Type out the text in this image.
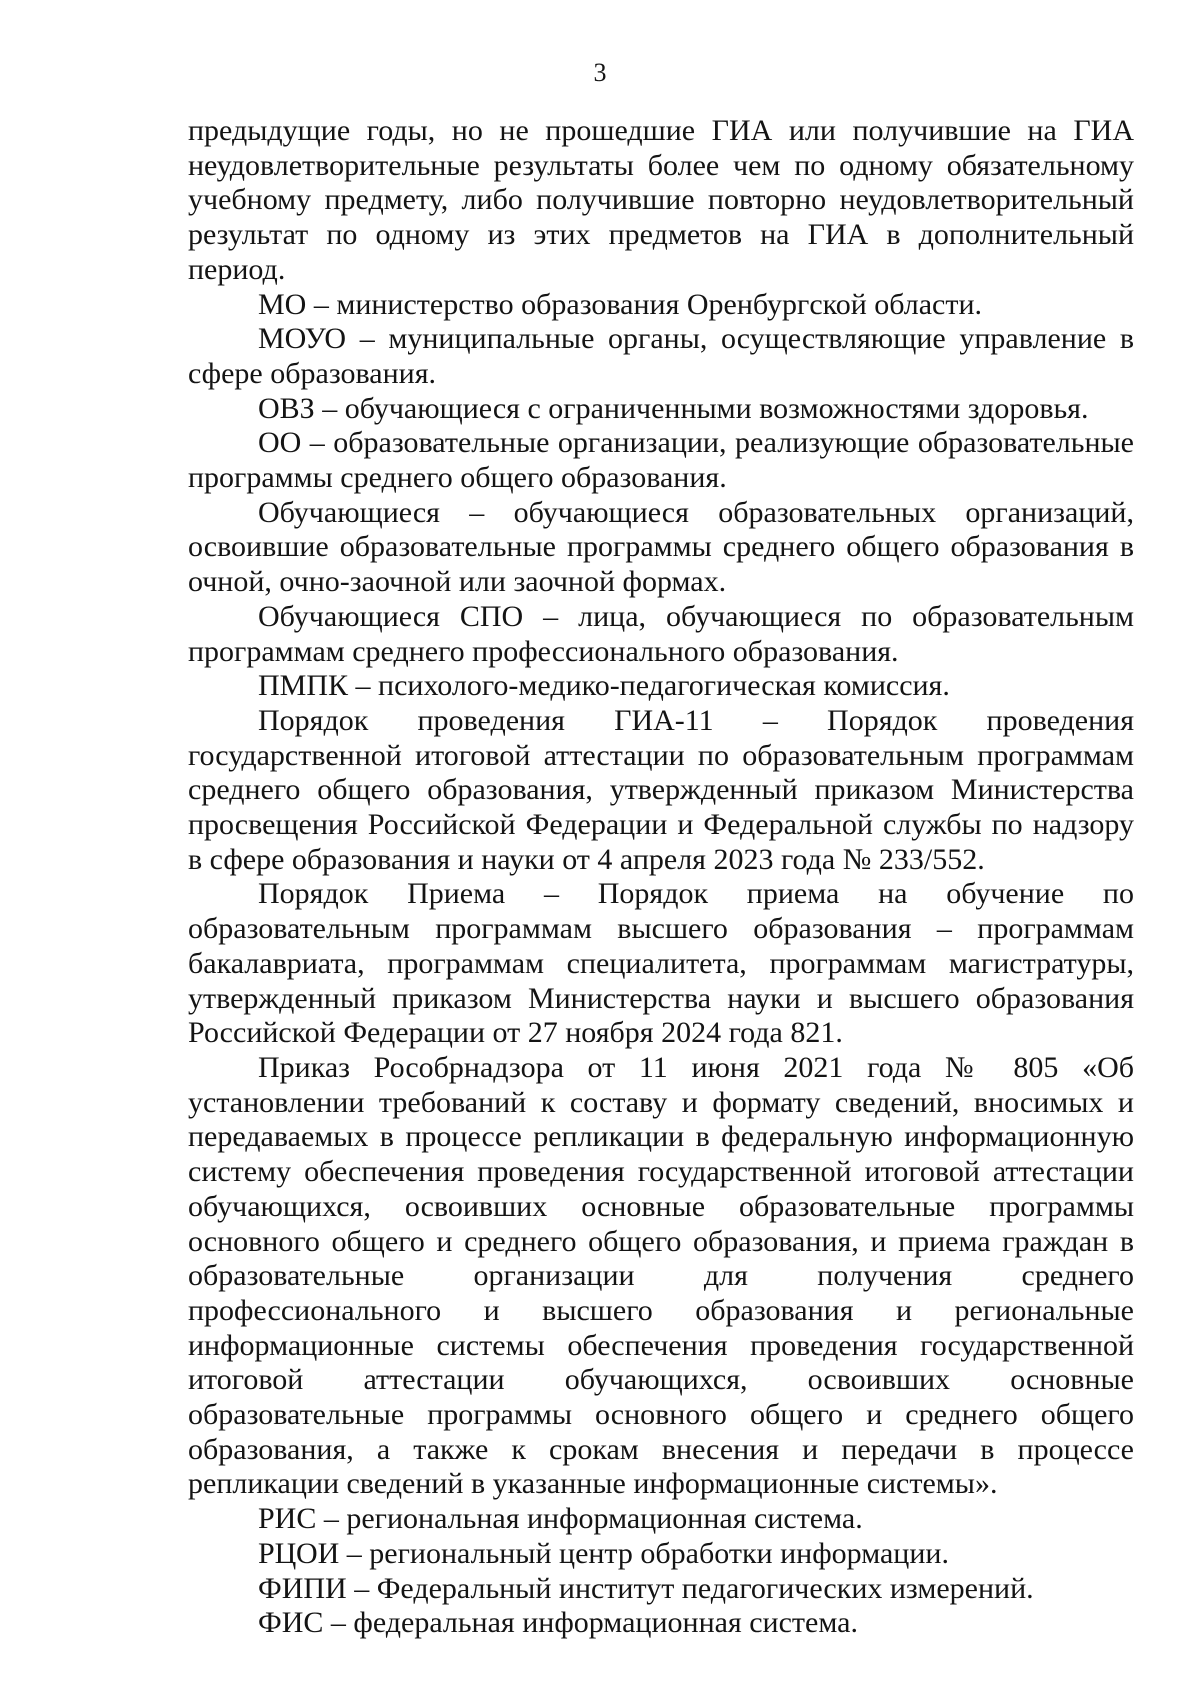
3

предыдущие годы, но не прошедшие ГИА или получившие на ГИА неудовлетворительные результаты более чем по одному обязательному учебному предмету, либо получившие повторно неудовлетворительный результат по одному из этих предметов на ГИА в дополнительный период.

МО – министерство образования Оренбургской области.

МОУО – муниципальные органы, осуществляющие управление в сфере образования.

ОВЗ – обучающиеся с ограниченными возможностями здоровья.

ОО – образовательные организации, реализующие образовательные программы среднего общего образования.

Обучающиеся – обучающиеся образовательных организаций, освоившие образовательные программы среднего общего образования в очной, очно-заочной или заочной формах.

Обучающиеся СПО – лица, обучающиеся по образовательным программам среднего профессионального образования.

ПМПК – психолого-медико-педагогическая комиссия.

Порядок проведения ГИА-11 – Порядок проведения государственной итоговой аттестации по образовательным программам среднего общего образования, утвержденный приказом Министерства просвещения Российской Федерации и Федеральной службы по надзору в сфере образования и науки от 4 апреля 2023 года № 233/552.

Порядок Приема – Порядок приема на обучение по образовательным программам высшего образования – программам бакалавриата, программам специалитета, программам магистратуры, утвержденный приказом Министерства науки и высшего образования Российской Федерации от 27 ноября 2024 года 821.

Приказ Рособрнадзора от 11 июня 2021 года № 805 «Об установлении требований к составу и формату сведений, вносимых и передаваемых в процессе репликации в федеральную информационную систему обеспечения проведения государственной итоговой аттестации обучающихся, освоивших основные образовательные программы основного общего и среднего общего образования, и приема граждан в образовательные организации для получения среднего профессионального и высшего образования и региональные информационные системы обеспечения проведения государственной итоговой аттестации обучающихся, освоивших основные образовательные программы основного общего и среднего общего образования, а также к срокам внесения и передачи в процессе репликации сведений в указанные информационные системы».

РИС – региональная информационная система.

РЦОИ – региональный центр обработки информации.

ФИПИ – Федеральный институт педагогических измерений.

ФИС – федеральная информационная система.
